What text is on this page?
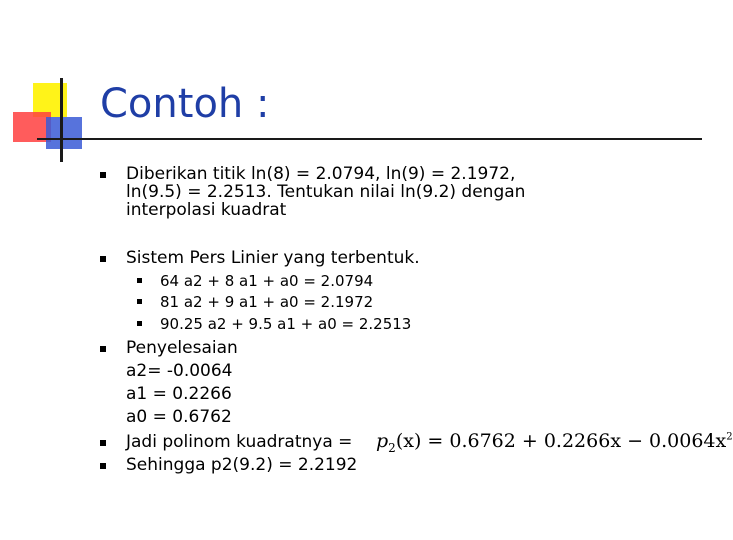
Contoh :
Diberikan titik ln(8) = 2.0794, ln(9) = 2.1972,
ln(9.5) = 2.2513. Tentukan nilai ln(9.2) dengan
interpolasi kuadrat
Sistem Pers Linier yang terbentuk.
64 a2 + 8 a1 + a0 = 2.0794
81 a2 + 9 a1 + a0 = 2.1972
90.25 a2 + 9.5 a1 + a0 = 2.2513
Penyelesaian
a2= -0.0064
a1 = 0.2266
a0 = 0.6762
Jadi polinom kuadratnya = $p_2(x) = 0.6762 + 0.2266x - 0.0064x^2$
Sehingga p2(9.2) = 2.2192
